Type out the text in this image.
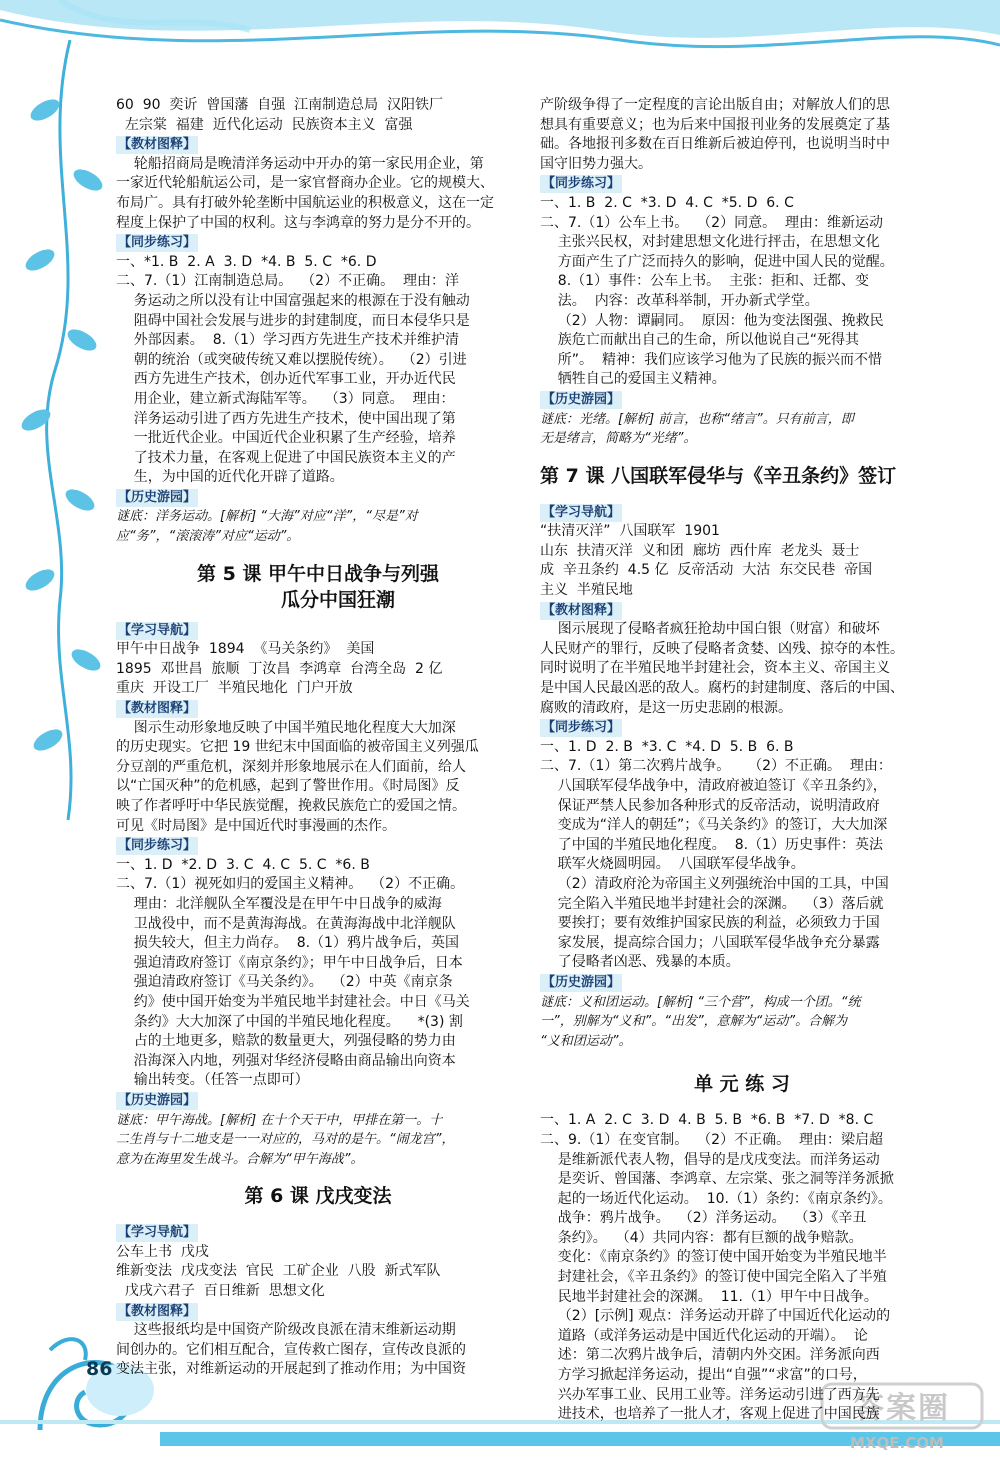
86
答案圈
MXQE.COM
60  90  奕䜣  曾国藩  自强  江南制造总局  汉阳铁厂
左宗棠  福建  近代化运动  民族资本主义  富强
【 教材图释 】
轮船招商局是晚清洋务运动中开办的第一家民用企业，第
一家近代轮船航运公司，是一家官督商办企业。它的规模大、
布局广。具有打破外轮垄断中国航运业的积极意义，这在一定
程度上保护了中国的权利。这与李鸿章的努力是分不开的。
【 同步练习 】
一、*1. B  2. A  3. D  *4. B  5. C  *6. D
二、7.（1）江南制造总局。  （2）不正确。  理由：洋
务运动之所以没有让中国富强起来的根源在于没有触动
阻碍中国社会发展与进步的封建制度，而日本侵华只是
外部因素。  8.（1）学习西方先进生产技术并维护清
朝的统治（或突破传统又难以摆脱传统）。  （2）引进
西方先进生产技术，创办近代军事工业，开办近代民
用企业，建立新式海陆军等。  （3）同意。  理由：
洋务运动引进了西方先进生产技术，使中国出现了第
一批近代企业。中国近代企业积累了生产经验，培养
了技术力量，在客观上促进了中国民族资本主义的产
生，为中国的近代化开辟了道路。
【 历史游园 】
谜底：洋务运动。[解析] “大海”对应“洋”，“尽是”对
应“务”，“滚滚涛”对应“运动”。
第 5 课 甲午中日战争与列强
瓜分中国狂潮
【 学习导航 】
甲午中日战争  1894  《马关条约》  美国
1895  邓世昌  旅顺  丁汝昌  李鸿章  台湾全岛  2 亿
重庆  开设工厂  半殖民地化  门户开放
【 教材图释 】
图示生动形象地反映了中国半殖民地化程度大大加深
的历史现实。它把 19 世纪末中国面临的被帝国主义列强瓜
分豆剖的严重危机，深刻并形象地展示在人们面前，给人
以“亡国灭种”的危机感，起到了警世作用。《时局图》反
映了作者呼吁中华民族觉醒，挽救民族危亡的爱国之情。
可见《时局图》是中国近代时事漫画的杰作。
【 同步练习 】
一、1. D  *2. D  3. C  4. C  5. C  *6. B
二、7.（1）视死如归的爱国主义精神。  （2）不正确。
理由：北洋舰队全军覆没是在甲午中日战争的威海
卫战役中，而不是黄海海战。在黄海海战中北洋舰队
损失较大，但主力尚存。  8.（1）鸦片战争后，英国
强迫清政府签订《南京条约》；甲午中日战争后，日本
强迫清政府签订《马关条约》。  （2）中英《南京条
约》使中国开始变为半殖民地半封建社会。中日《马关
条约》大大加深了中国的半殖民地化程度。    *(3) 割
占的土地更多，赔款的数量更大，列强侵略的势力由
沿海深入内地，列强对华经济侵略由商品输出向资本
输出转变。（任答一点即可）
【 历史游园 】
谜底：甲午海战。[解析] 在十个天干中，甲排在第一。十
二生肖与十二地支是一一对应的，马对的是午。“闹龙宫”，
意为在海里发生战斗。合解为“甲午海战”。
第 6 课 戊戌变法
【 学习导航 】
公车上书  戊戌
维新变法  戊戌变法  官民  工矿企业  八股  新式军队
戊戌六君子  百日维新  思想文化
【 教材图释 】
这些报纸均是中国资产阶级改良派在清末维新运动期
间创办的。它们相互配合，宣传救亡图存，宣传改良派的
变法主张，对维新运动的开展起到了推动作用；为中国资
产阶级争得了一定程度的言论出版自由；对解放人们的思
想具有重要意义；也为后来中国报刊业务的发展奠定了基
础。各地报刊多数在百日维新后被迫停刊，也说明当时中
国守旧势力强大。
【 同步练习 】
一、1. B  2. C  *3. D  4. C  *5. D  6. C
二、7.（1）公车上书。  （2）同意。  理由：维新运动
主张兴民权，对封建思想文化进行抨击，在思想文化
方面产生了广泛而持久的影响，促进中国人民的觉醒。
8.（1）事件：公车上书。  主张：拒和、迁都、变
法。  内容：改革科举制，开办新式学堂。
（2）人物：谭嗣同。  原因：他为变法图强、挽救民
族危亡而献出自己的生命，所以他说自己“死得其
所”。  精神：我们应该学习他为了民族的振兴而不惜
牺牲自己的爱国主义精神。
【 历史游园 】
谜底：光绪。[解析] 前言，也称“绪言”。只有前言，即
无是绪言，简略为“光绪”。
第 7 课 八国联军侵华与《辛丑条约》签订
【 学习导航 】
“扶清灭洋”  八国联军  1901
山东  扶清灭洋  义和团  廊坊  西什库  老龙头  聂士
成  辛丑条约  4.5 亿  反帝活动  大沽  东交民巷  帝国
主义  半殖民地
【 教材图释 】
图示展现了侵略者疯狂抢劫中国白银（财富）和破坏
人民财产的罪行，反映了侵略者贪婪、凶残、掠夺的本性。
同时说明了在半殖民地半封建社会，资本主义、帝国主义
是中国人民最凶恶的敌人。腐朽的封建制度、落后的中国、
腐败的清政府，是这一历史悲剧的根源。
【 同步练习 】
一、1. D  2. B  *3. C  *4. D  5. B  6. B
二、7.（1）第二次鸦片战争。    （2）不正确。  理由：
八国联军侵华战争中，清政府被迫签订《辛丑条约》，
保证严禁人民参加各种形式的反帝活动，说明清政府
变成为“洋人的朝廷”；《马关条约》的签订，大大加深
了中国的半殖民地化程度。  8.（1）历史事件：英法
联军火烧圆明园。  八国联军侵华战争。
（2）清政府沦为帝国主义列强统治中国的工具，中国
完全陷入半殖民地半封建社会的深渊。  （3）落后就
要挨打；要有效维护国家民族的利益，必须致力于国
家发展，提高综合国力；八国联军侵华战争充分暴露
了侵略者凶恶、残暴的本质。
【 历史游园 】
谜底：义和团运动。[解析] “三个营”，构成一个团。“统
一”，别解为“义和”。“出发”，意解为“运动”。合解为
“义和团运动”。
单 元 练 习
一、1. A  2. C  3. D  4. B  5. B  *6. B  *7. D  *8. C
二、9.（1）在变官制。  （2）不正确。  理由：梁启超
是维新派代表人物，倡导的是戊戌变法。而洋务运动
是奕䜣、曾国藩、李鸿章、左宗棠、张之洞等洋务派掀
起的一场近代化运动。  10.（1）条约：《南京条约》。
战争：鸦片战争。  （2）洋务运动。  （3）《辛丑
条约》。  （4）共同内容：都有巨额的战争赔款。
变化：《南京条约》的签订使中国开始变为半殖民地半
封建社会，《辛丑条约》的签订使中国完全陷入了半殖
民地半封建社会的深渊。  11.（1）甲午中日战争。
（2）[示例] 观点：洋务运动开辟了中国近代化运动的
道路（或洋务运动是中国近代化运动的开端）。  论
述：第二次鸦片战争后，清朝内外交困。洋务派向西
方学习掀起洋务运动，提出“自强”“求富”的口号，
兴办军事工业、民用工业等。洋务运动引进了西方先
进技术，也培养了一批人才，客观上促进了中国民族
